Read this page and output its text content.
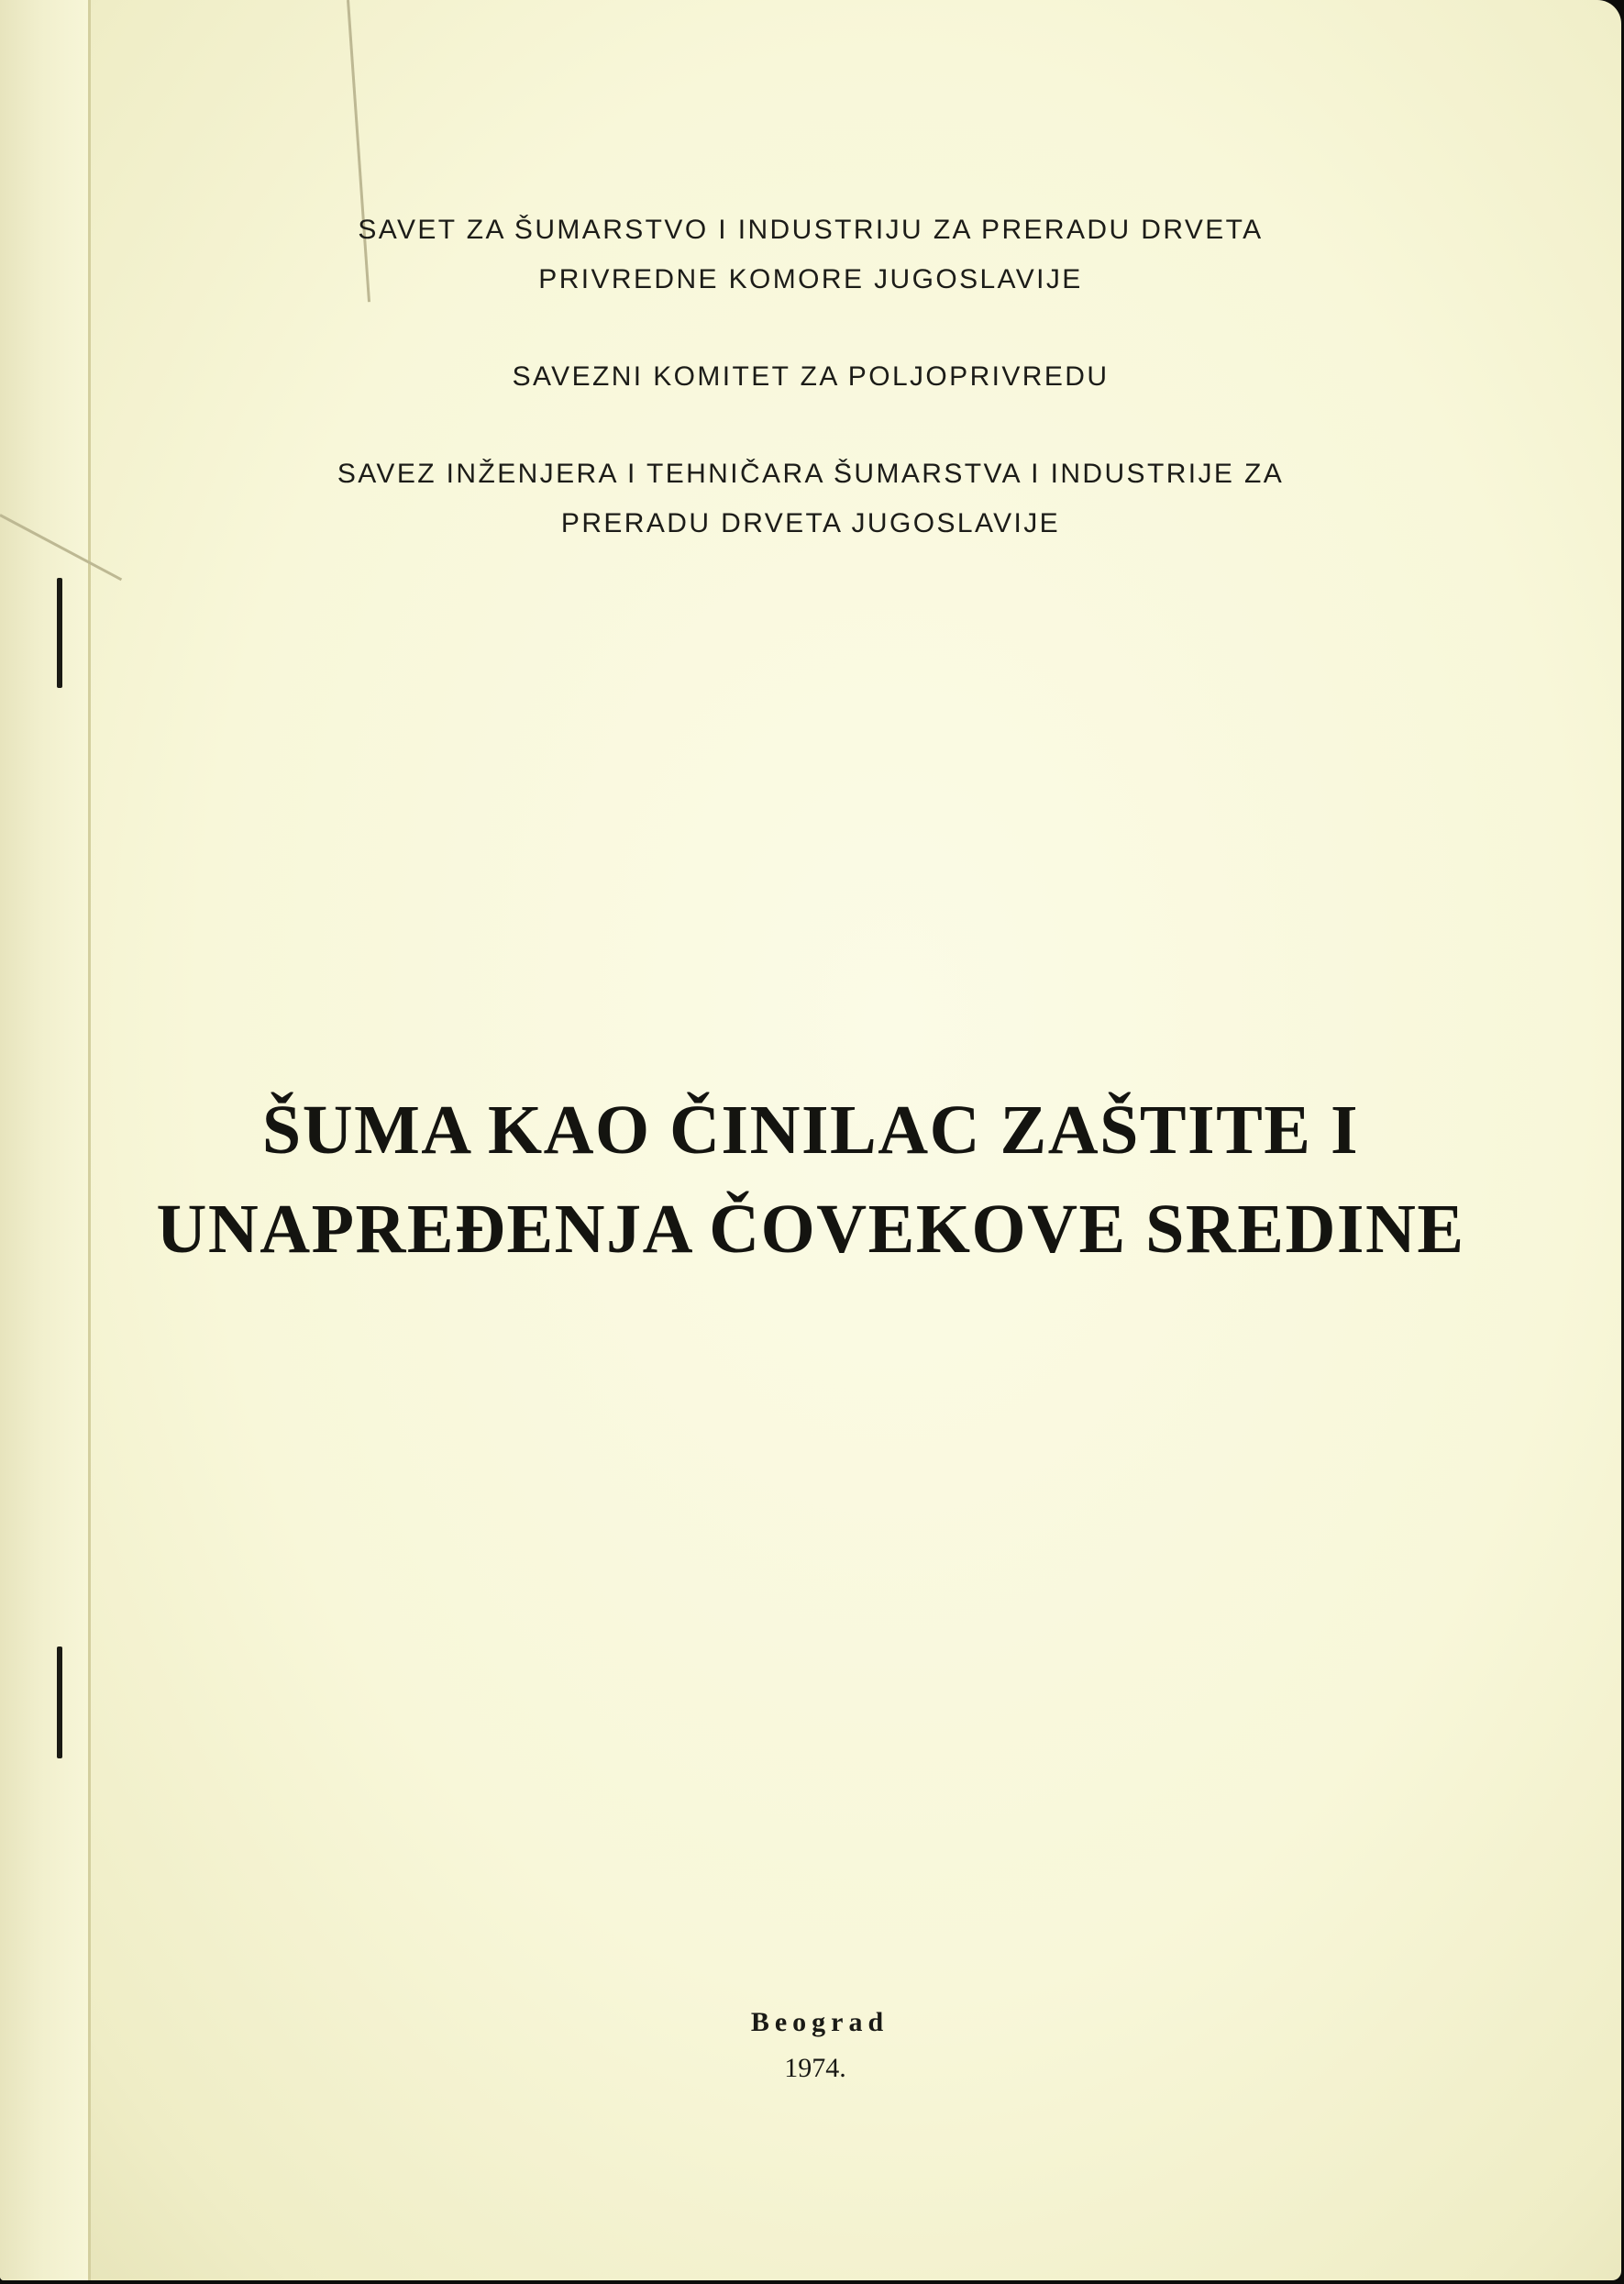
SAVET ZA ŠUMARSTVO I INDUSTRIJU ZA PRERADU DRVETA
PRIVREDNE KOMORE JUGOSLAVIJE
SAVEZNI KOMITET ZA POLJOPRIVREDU
SAVEZ INŽENJERA I TEHNIČARA ŠUMARSTVA I INDUSTRIJE ZA
PRERADU DRVETA JUGOSLAVIJE
ŠUMA KAO ČINILAC ZAŠTITE I
UNAPREĐENJA ČOVEKOVE SREDINE
Beograd
1974.
